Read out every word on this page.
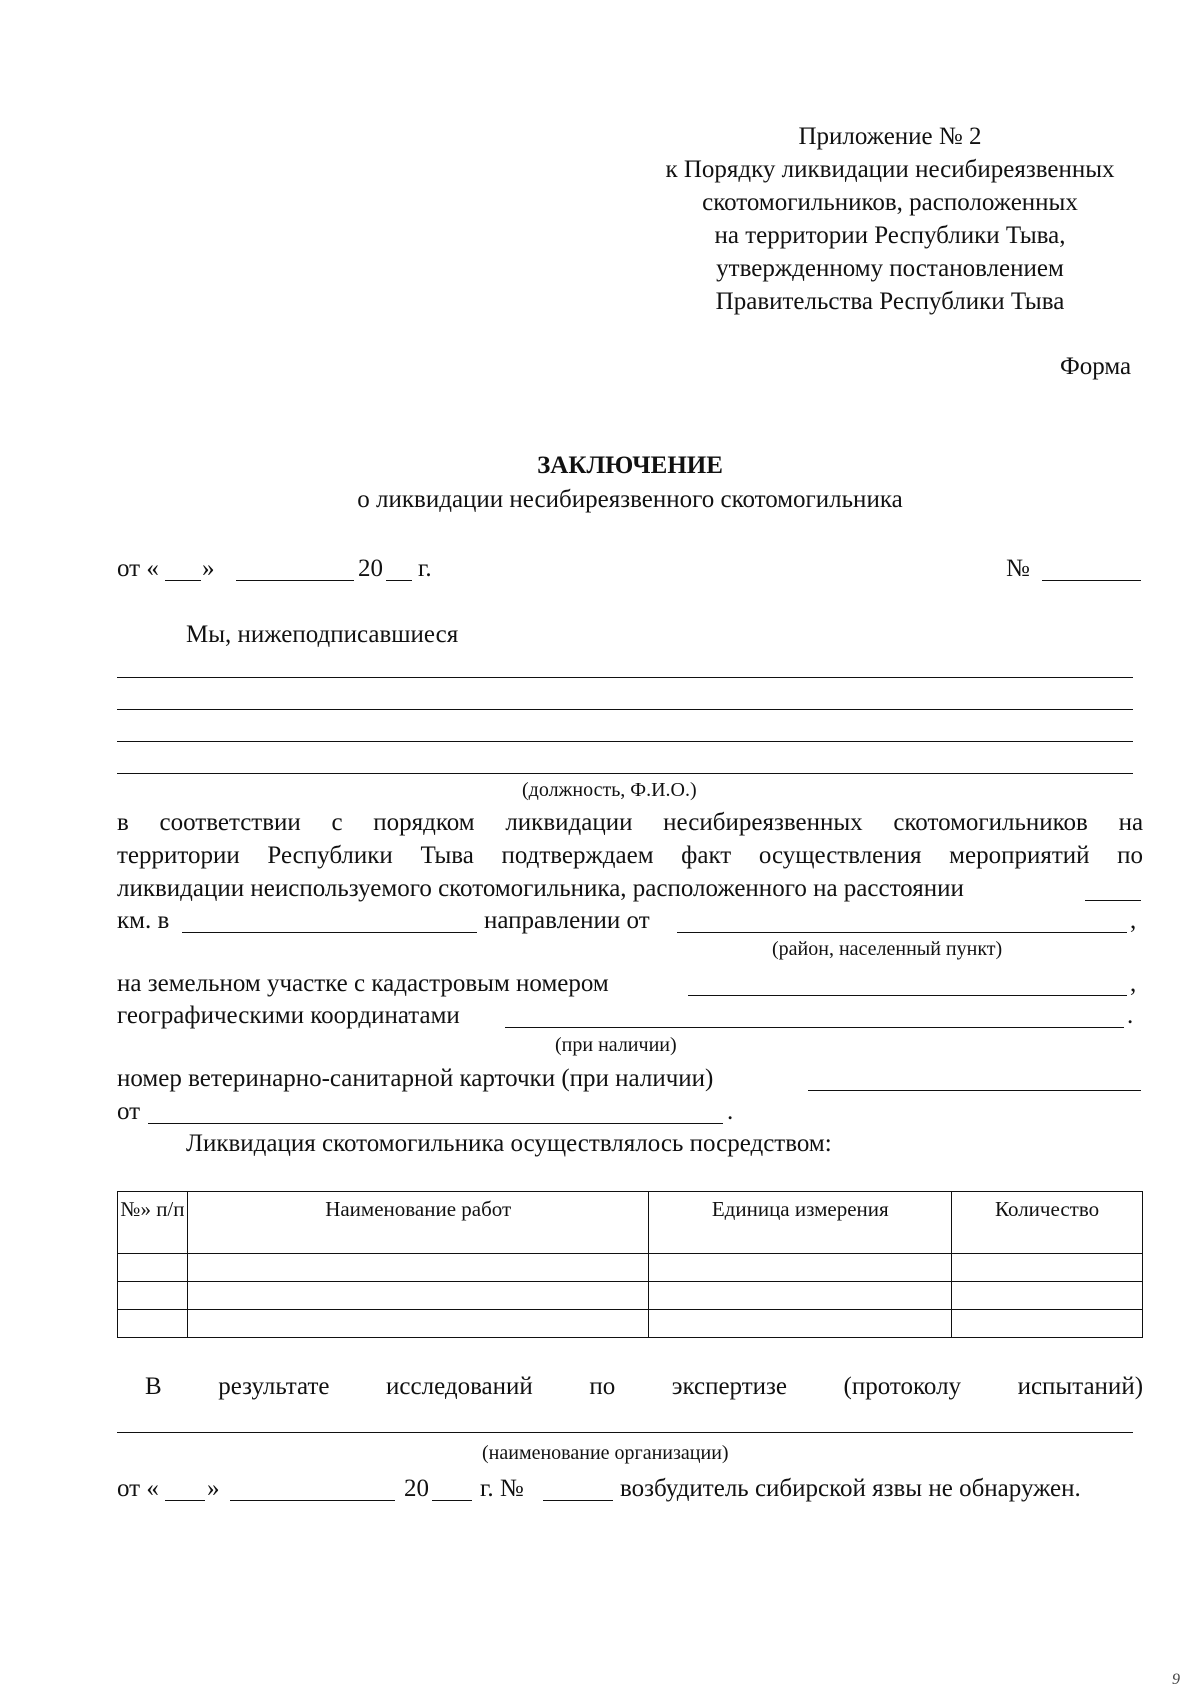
Приложение № 2
к Порядку ликвидации несибиреязвенных
скотомогильников, расположенных
на территории Республики Тыва,
утвержденному постановлением
Правительства Республики Тыва
Форма
ЗАКЛЮЧЕНИЕ
о ликвидации несибиреязвенного скотомогильника
от « »	20 г.	№
Мы, нижеподписавшиеся
(должность, Ф.И.О.)
в соответствии с порядком ликвидации несибиреязвенных скотомогильников на
территории Республики Тыва подтверждаем факт осуществления мероприятий по
ликвидации неиспользуемого скотомогильника, расположенного на расстоянии
км. в	направлении от	,
(район, населенный пункт)
на земельном участке с кадастровым номером	,
географическими координатами	.
(при наличии)
номер ветеринарно-санитарной карточки (при наличии)
от	.
Ликвидация скотомогильника осуществлялось посредством:
№» п/п	Наименование работ	Единица измерения	Количество

В результате исследований по экспертизе (протоколу испытаний)
(наименование организации)
от « »	20 г. №	возбудитель сибирской язвы не обнаружен.
9
